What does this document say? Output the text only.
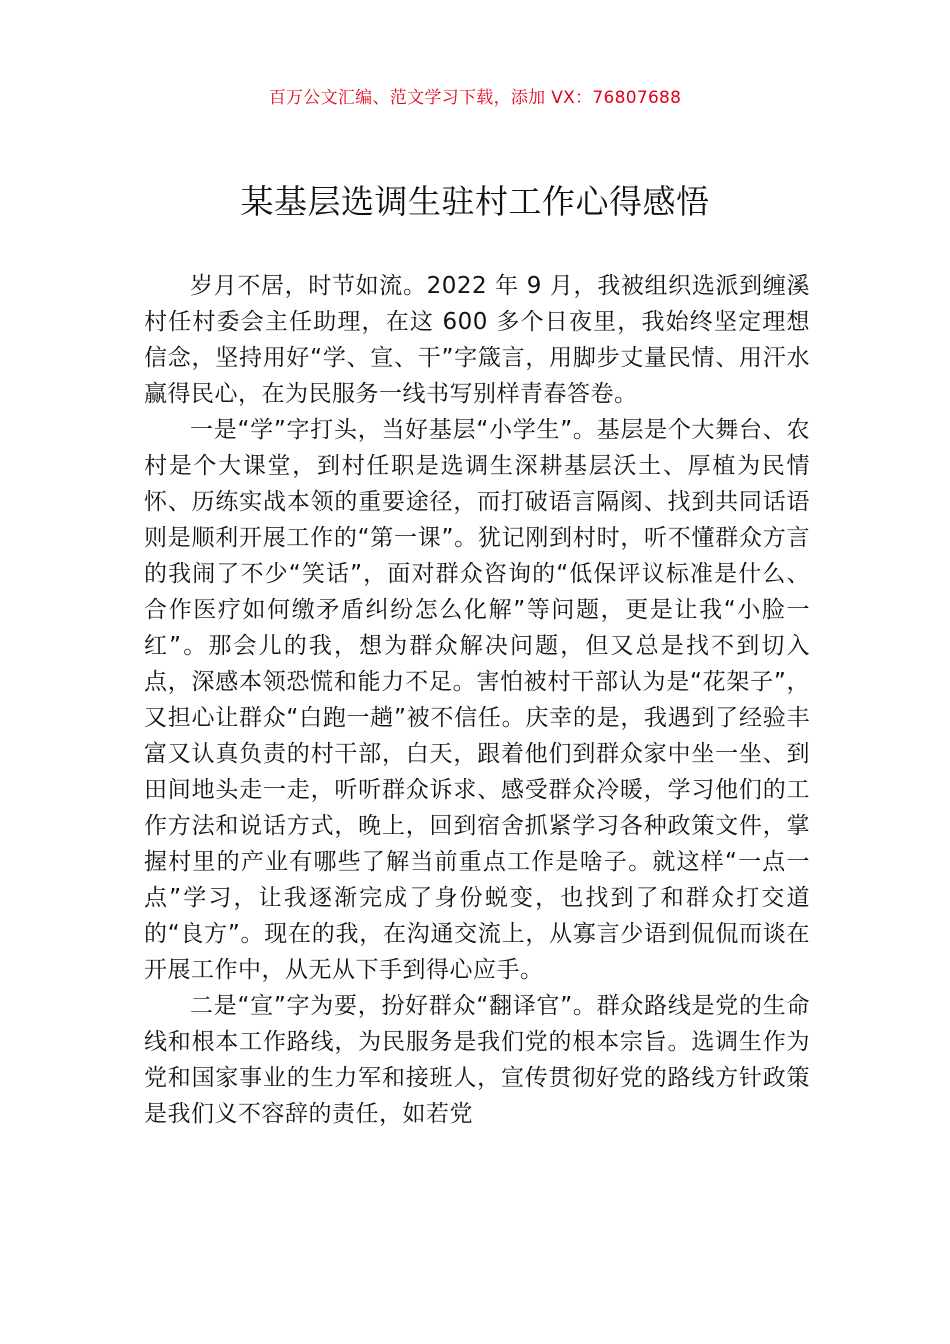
百万公文汇编、范文学习下载，添加 VX：76807688
某基层选调生驻村工作心得感悟

岁月不居，时节如流。2022 年 9 月，我被组织选派到缠溪村任村委会主任助理，在这 600 多个日夜里，我始终坚定理想信念，坚持用好“学、宣、干”字箴言，用脚步丈量民情、用汗水赢得民心，在为民服务一线书写别样青春答卷。

一是“学”字打头，当好基层“小学生”。基层是个大舞台、农村是个大课堂，到村任职是选调生深耕基层沃土、厚植为民情怀、历练实战本领的重要途径，而打破语言隔阂、找到共同话语则是顺利开展工作的“第一课”。犹记刚到村时，听不懂群众方言的我闹了不少“笑话”，面对群众咨询的“低保评议标准是什么、合作医疗如何缴矛盾纠纷怎么化解”等问题，更是让我“小脸一红”。那会儿的我，想为群众解决问题，但又总是找不到切入点，深感本领恐慌和能力不足。害怕被村干部认为是“花架子”，又担心让群众“白跑一趟”被不信任。庆幸的是，我遇到了经验丰富又认真负责的村干部，白天，跟着他们到群众家中坐一坐、到田间地头走一走，听听群众诉求、感受群众冷暖，学习他们的工作方法和说话方式，晚上，回到宿舍抓紧学习各种政策文件，掌握村里的产业有哪些了解当前重点工作是啥子。就这样“一点一点”学习，让我逐渐完成了身份蜕变，也找到了和群众打交道的“良方”。现在的我，在沟通交流上，从寡言少语到侃侃而谈在开展工作中，从无从下手到得心应手。

二是“宣”字为要，扮好群众“翻译官”。群众路线是党的生命线和根本工作路线，为民服务是我们党的根本宗旨。选调生作为党和国家事业的生力军和接班人，宣传贯彻好党的路线方针政策是我们义不容辞的责任，如若党
